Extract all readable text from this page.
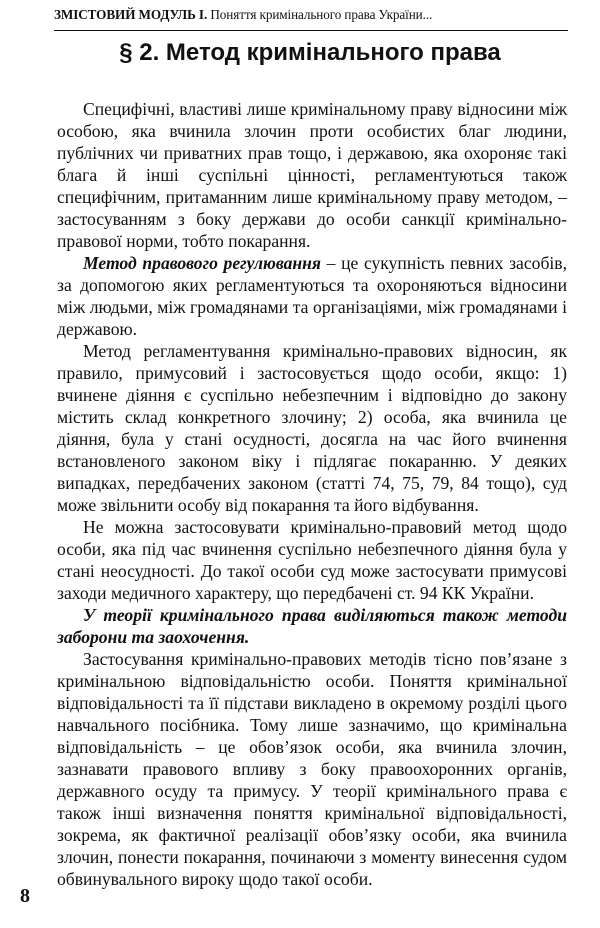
ЗМІСТОВИЙ МОДУЛЬ I. Поняття кримінального права України...
§ 2. Метод кримінального права

Специфічні, властиві лише кримінальному праву відносини між особою, яка вчинила злочин проти особистих благ людини, публічних чи приватних прав тощо, і державою, яка охороняє такі блага й інші суспільні цінності, регламентуються також специфічним, притаманним лише кримінальному праву методом, – застосуванням з боку держави до особи санкції кримінально-правової норми, тобто покарання.

Метод правового регулювання – це сукупність певних засобів, за допомогою яких регламентуються та охороняються відносини між людьми, між громадянами та організаціями, між громадянами і державою.

Метод регламентування кримінально-правових відносин, як правило, примусовий і застосовується щодо особи, якщо: 1) вчинене діяння є суспільно небезпечним і відповідно до закону містить склад конкретного злочину; 2) особа, яка вчинила це діяння, була у стані осудності, досягла на час його вчинення встановленого законом віку і підлягає покаранню. У деяких випадках, передбачених законом (статті 74, 75, 79, 84 тощо), суд може звільнити особу від покарання та його відбування.

Не можна застосовувати кримінально-правовий метод щодо особи, яка під час вчинення суспільно небезпечного діяння була у стані неосудності. До такої особи суд може застосувати примусові заходи медичного характеру, що передбачені ст. 94 КК України.

У теорії кримінального права виділяються також методи заборони та заохочення.

Застосування кримінально-правових методів тісно пов’язане з кримінальною відповідальністю особи. Поняття кримінальної відповідальності та її підстави викладено в окремому розділі цього навчального посібника. Тому лише зазначимо, що кримінальна відповідальність – це обов’язок особи, яка вчинила злочин, зазнавати правового впливу з боку правоохоронних органів, державного осуду та примусу. У теорії кримінального права є також інші визначення поняття кримінальної відповідальності, зокрема, як фактичної реалізації обов’язку особи, яка вчинила злочин, понести покарання, починаючи з моменту винесення судом обвинувального вироку щодо такої особи.

8
